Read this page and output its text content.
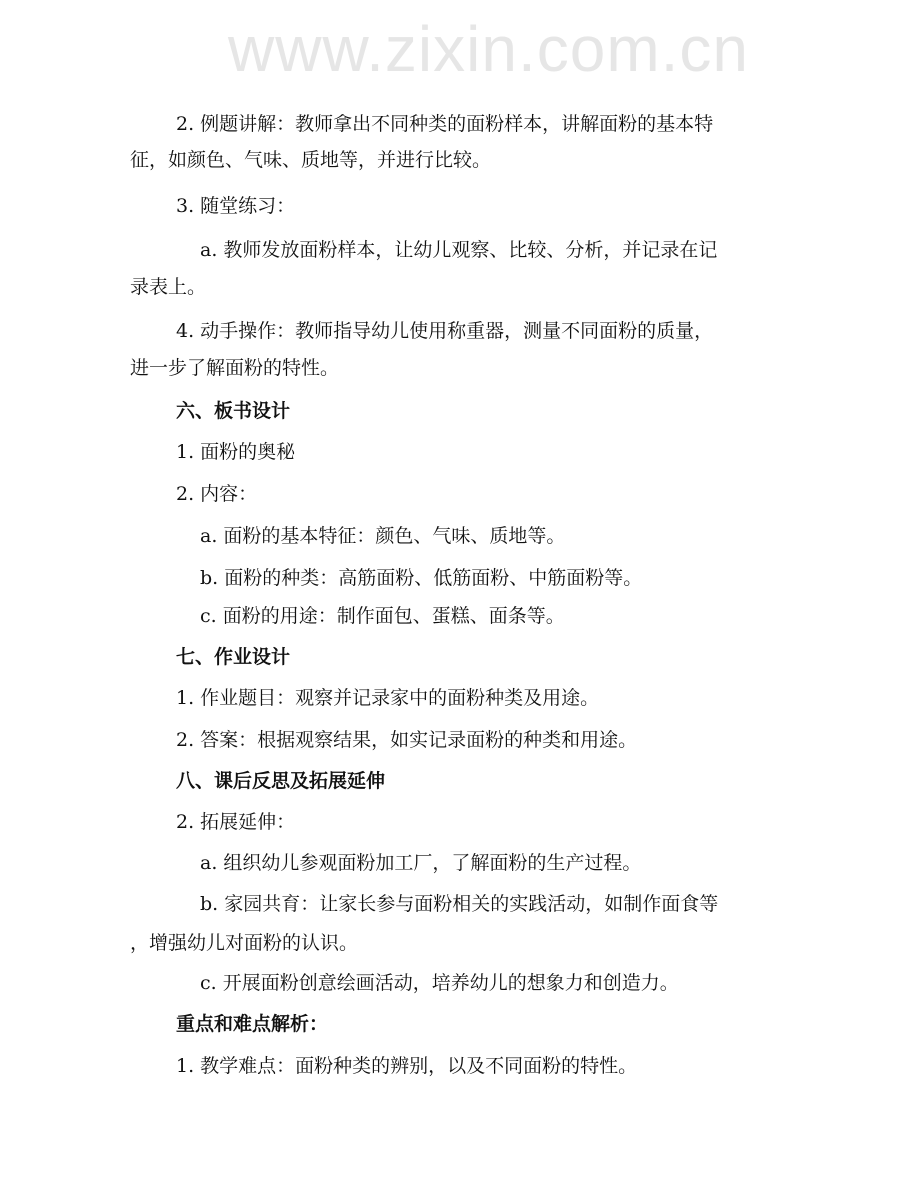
www.zixin.com.cn
2. 例题讲解：教师拿出不同种类的面粉样本，讲解面粉的基本特
征，如颜色、气味、质地等，并进行比较。
3. 随堂练习：
a. 教师发放面粉样本，让幼儿观察、比较、分析，并记录在记
录表上。
4. 动手操作：教师指导幼儿使用称重器，测量不同面粉的质量，
进一步了解面粉的特性。
六、板书设计
1. 面粉的奥秘
2. 内容：
a. 面粉的基本特征：颜色、气味、质地等。
b. 面粉的种类：高筋面粉、低筋面粉、中筋面粉等。
c. 面粉的用途：制作面包、蛋糕、面条等。
七、作业设计
1. 作业题目：观察并记录家中的面粉种类及用途。
2. 答案：根据观察结果，如实记录面粉的种类和用途。
八、课后反思及拓展延伸
2. 拓展延伸：
a. 组织幼儿参观面粉加工厂，了解面粉的生产过程。
b. 家园共育：让家长参与面粉相关的实践活动，如制作面食等
，增强幼儿对面粉的认识。
c. 开展面粉创意绘画活动，培养幼儿的想象力和创造力。
重点和难点解析：
1. 教学难点：面粉种类的辨别，以及不同面粉的特性。
